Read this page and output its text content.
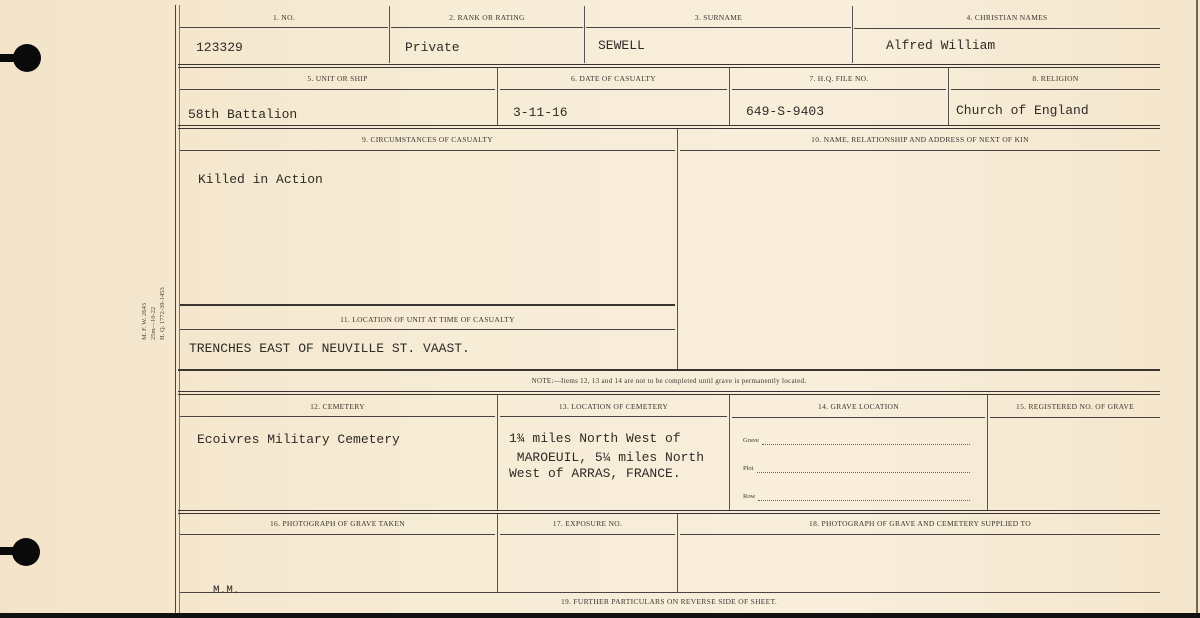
M. F. W. 2643 25m—10-22 H. Q. 1772-39-1453
1. NO.	2. RANK OR RATING	3. SURNAME	4. CHRISTIAN NAMES
123329	Private	SEWELL	Alfred William
5. UNIT OR SHIP	6. DATE OF CASUALTY	7. H.Q. FILE NO.	8. RELIGION
58th Battalion	3-11-16	649-S-9403	Church of England
9. CIRCUMSTANCES OF CASUALTY	10. NAME, RELATIONSHIP AND ADDRESS OF NEXT OF KIN
Killed in Action
11. LOCATION OF UNIT AT TIME OF CASUALTY
TRENCHES EAST OF NEUVILLE ST. VAAST.
NOTE:—Items 12, 13 and 14 are not to be completed until grave is permanently located.
12. CEMETERY	13. LOCATION OF CEMETERY	14. GRAVE LOCATION	15. REGISTERED NO. OF GRAVE
Ecoivres Military Cemetery	1¾ miles North West of
MAROEUIL, 5¼ miles North
West of ARRAS, FRANCE.
Grave
Plot
Row
16. PHOTOGRAPH OF GRAVE TAKEN	17. EXPOSURE NO.	18. PHOTOGRAPH OF GRAVE AND CEMETERY SUPPLIED TO
M.M.
19. FURTHER PARTICULARS ON REVERSE SIDE OF SHEET.
